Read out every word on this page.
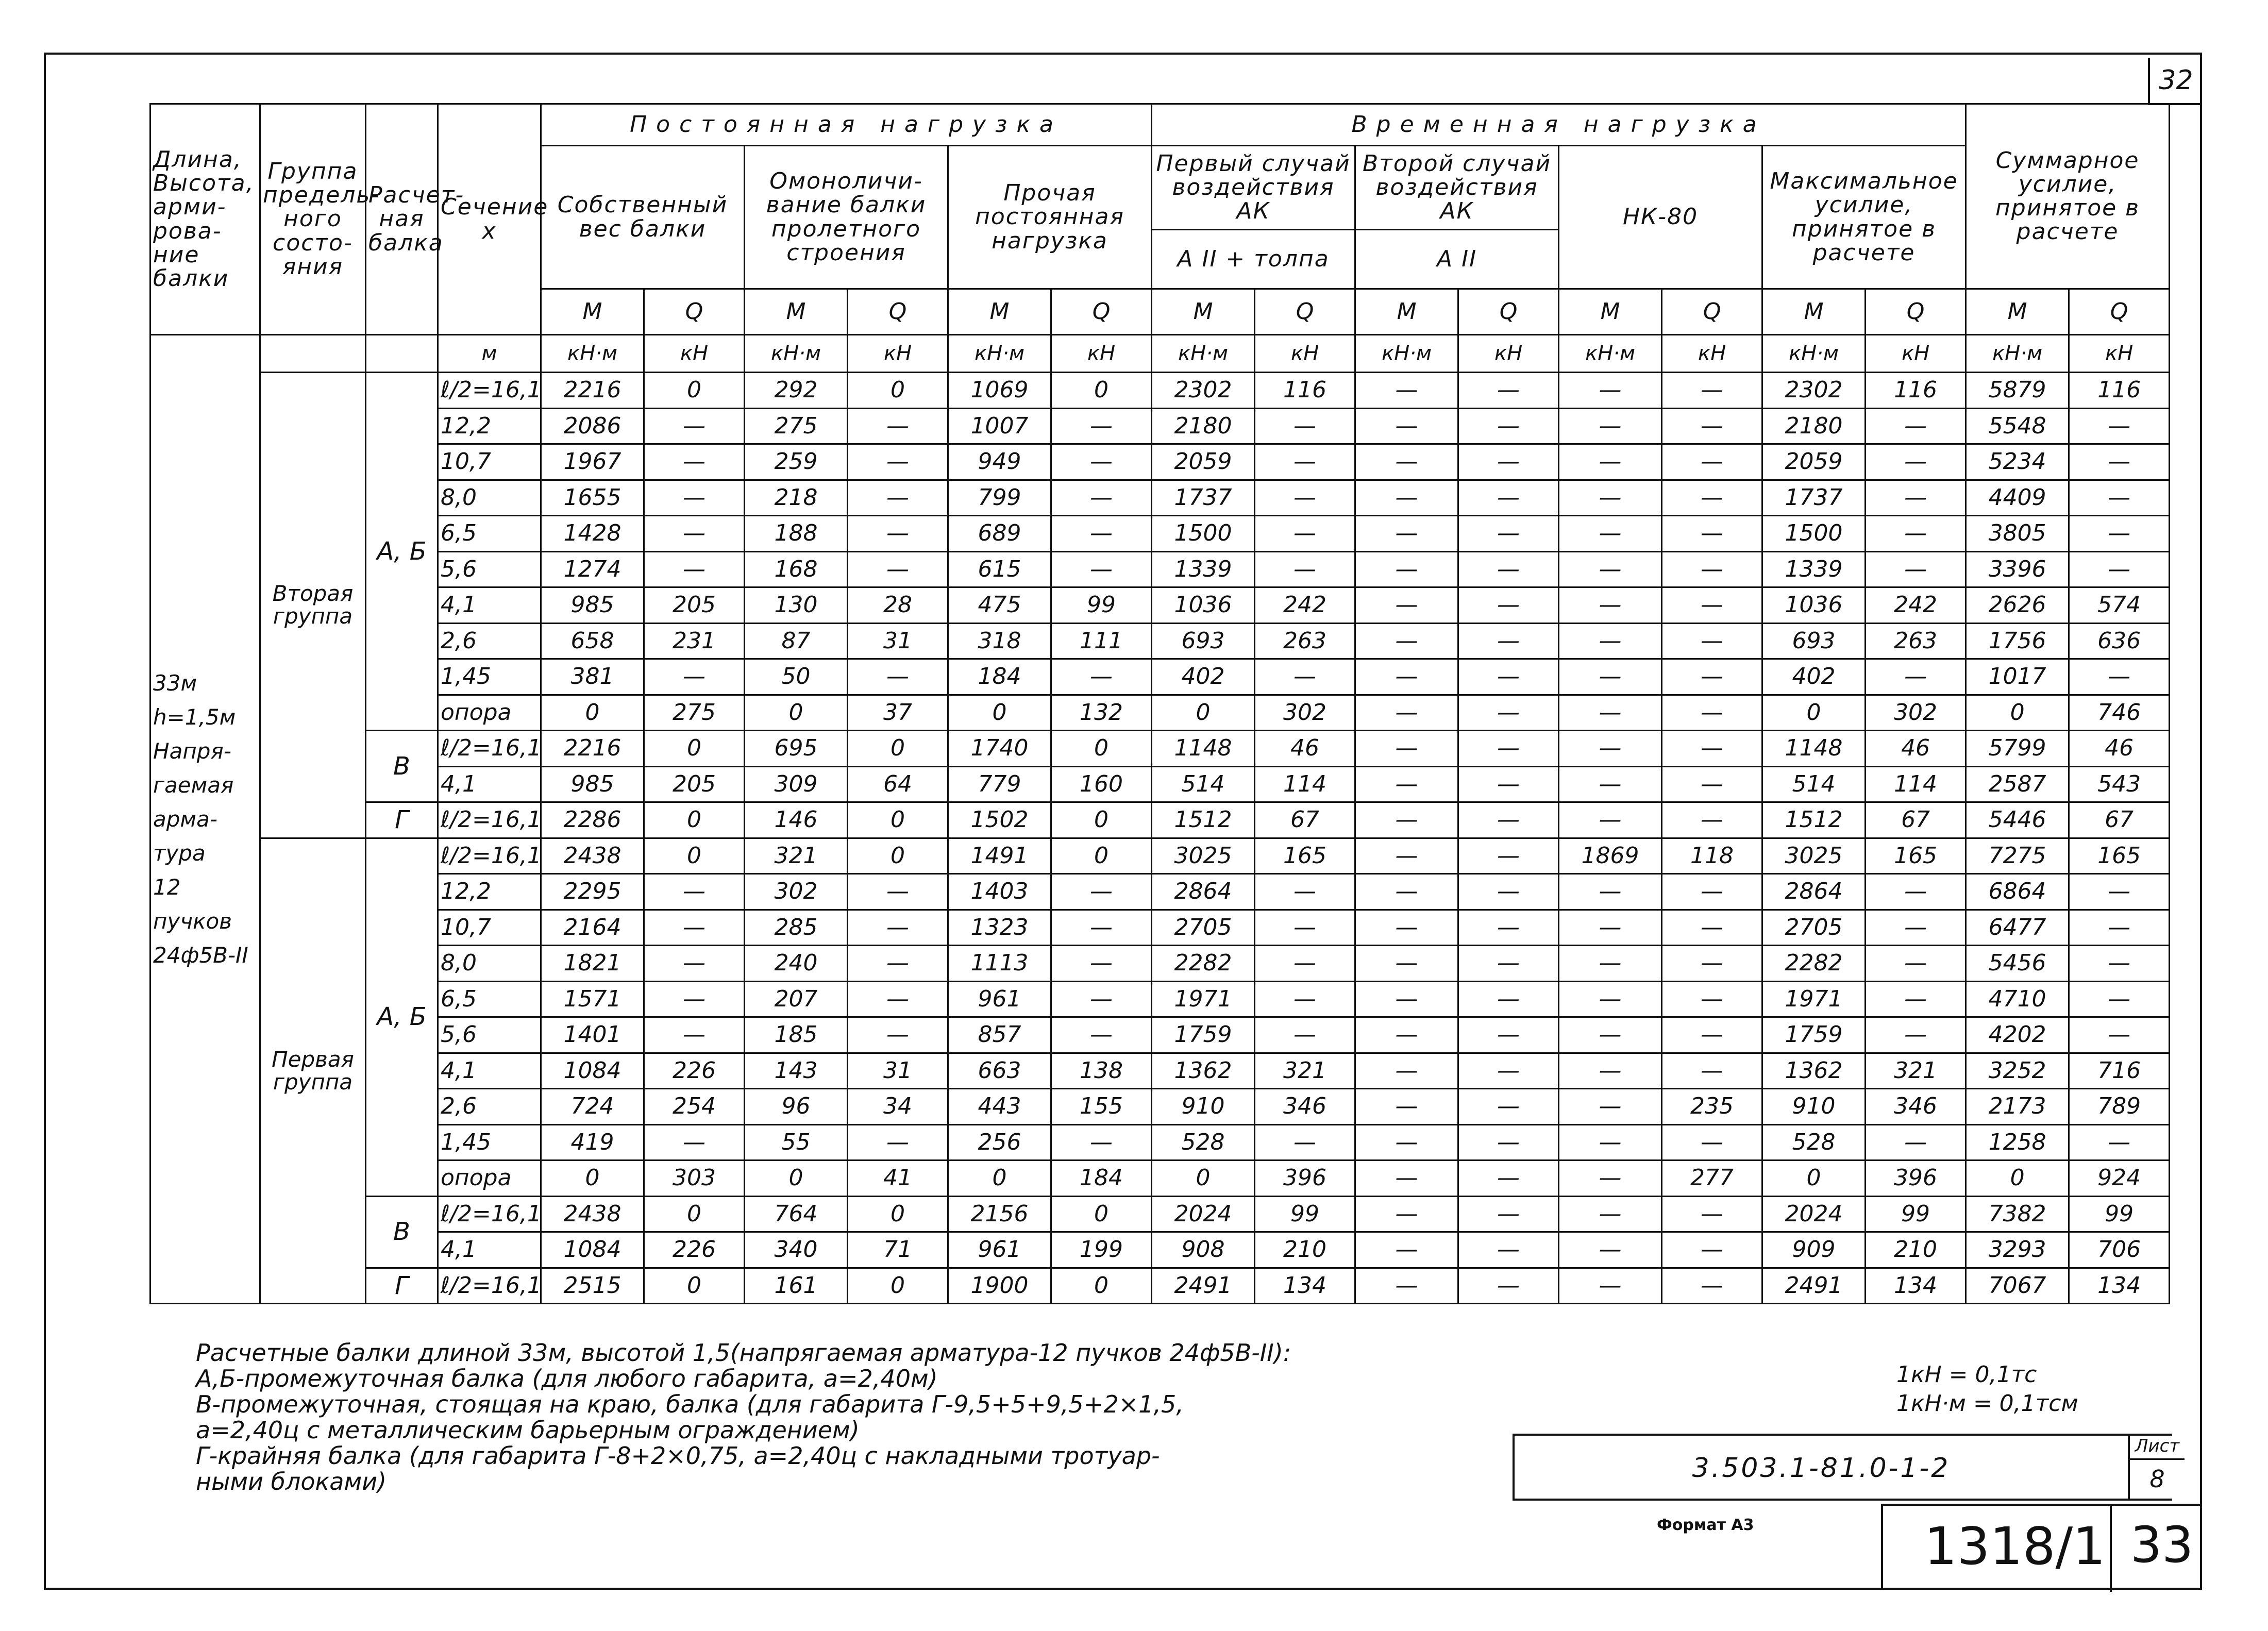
32
Длина, Высота, арми-рова-ние балки	Группа предель-ного состо-яния	Расчет-ная балка	Сечение x	Постоянная нагрузка						Временная нагрузка								Суммарное усилие, принятое в расчете	
				Собственный вес балки		Омоноличи-вание балки пролетного строения		Прочая постоянная нагрузка		Первый случай воздействия АК		Второй случай воздействия АК		НК-80		Максимальное усилие, принятое в расчете			
										А II + толпа		А II							
				M	Q	M	Q	M	Q	M	Q	M	Q	M	Q	M	Q	M	Q

33м
h=1,5м
Напря-гаемая арма-тура
12 пучков
24ф5В-II			м	кН·м	кН	кН·м	кН	кН·м	кН	кН·м	кН	кН·м	кН	кН·м	кН	кН·м	кН	кН·м	кН
	Вторая группа	А, Б	ℓ/2=16,1	2216	0	292	0	1069	0	2302	116	—	—	—	—	2302	116	5879	116
			12,2	2086	—	275	—	1007	—	2180	—	—	—	—	—	2180	—	5548	—
			10,7	1967	—	259	—	949	—	2059	—	—	—	—	—	2059	—	5234	—
			8,0	1655	—	218	—	799	—	1737	—	—	—	—	—	1737	—	4409	—
			6,5	1428	—	188	—	689	—	1500	—	—	—	—	—	1500	—	3805	—
			5,6	1274	—	168	—	615	—	1339	—	—	—	—	—	1339	—	3396	—
			4,1	985	205	130	28	475	99	1036	242	—	—	—	—	1036	242	2626	574
			2,6	658	231	87	31	318	111	693	263	—	—	—	—	693	263	1756	636
			1,45	381	—	50	—	184	—	402	—	—	—	—	—	402	—	1017	—
			опора	0	275	0	37	0	132	0	302	—	—	—	—	0	302	0	746
		В	ℓ/2=16,1	2216	0	695	0	1740	0	1148	46	—	—	—	—	1148	46	5799	46
			4,1	985	205	309	64	779	160	514	114	—	—	—	—	514	114	2587	543
		Г	ℓ/2=16,1	2286	0	146	0	1502	0	1512	67	—	—	—	—	1512	67	5446	67
	Первая группа	А, Б	ℓ/2=16,1	2438	0	321	0	1491	0	3025	165	—	—	1869	118	3025	165	7275	165
			12,2	2295	—	302	—	1403	—	2864	—	—	—	—	—	2864	—	6864	—
			10,7	2164	—	285	—	1323	—	2705	—	—	—	—	—	2705	—	6477	—
			8,0	1821	—	240	—	1113	—	2282	—	—	—	—	—	2282	—	5456	—
			6,5	1571	—	207	—	961	—	1971	—	—	—	—	—	1971	—	4710	—
			5,6	1401	—	185	—	857	—	1759	—	—	—	—	—	1759	—	4202	—
			4,1	1084	226	143	31	663	138	1362	321	—	—	—	—	1362	321	3252	716
			2,6	724	254	96	34	443	155	910	346	—	—	—	235	910	346	2173	789
			1,45	419	—	55	—	256	—	528	—	—	—	—	—	528	—	1258	—
			опора	0	303	0	41	0	184	0	396	—	—	—	277	0	396	0	924
		В	ℓ/2=16,1	2438	0	764	0	2156	0	2024	99	—	—	—	—	2024	99	7382	99
			4,1	1084	226	340	71	961	199	908	210	—	—	—	—	909	210	3293	706
		Г	ℓ/2=16,1	2515	0	161	0	1900	0	2491	134	—	—	—	—	2491	134	7067	134
Расчетные балки длиной 33м, высотой 1,5(напрягаемая арматура-12 пучков 24ф5В-II):
А,Б-промежуточная балка (для любого габарита, а=2,40м)
В-промежуточная, стоящая на краю, балка (для габарита Г-9,5+5+9,5+2×1,5,
а=2,40ц с металлическим барьерным ограждением)
Г-крайняя балка (для габарита Г-8+2×0,75, а=2,40ц с накладными тротуар-
ными блоками)
1кН = 0,1тс
1кН·м = 0,1тсм
3.503.1-81.0-1-2
Лист
8
Формат А3	1318/1 33
